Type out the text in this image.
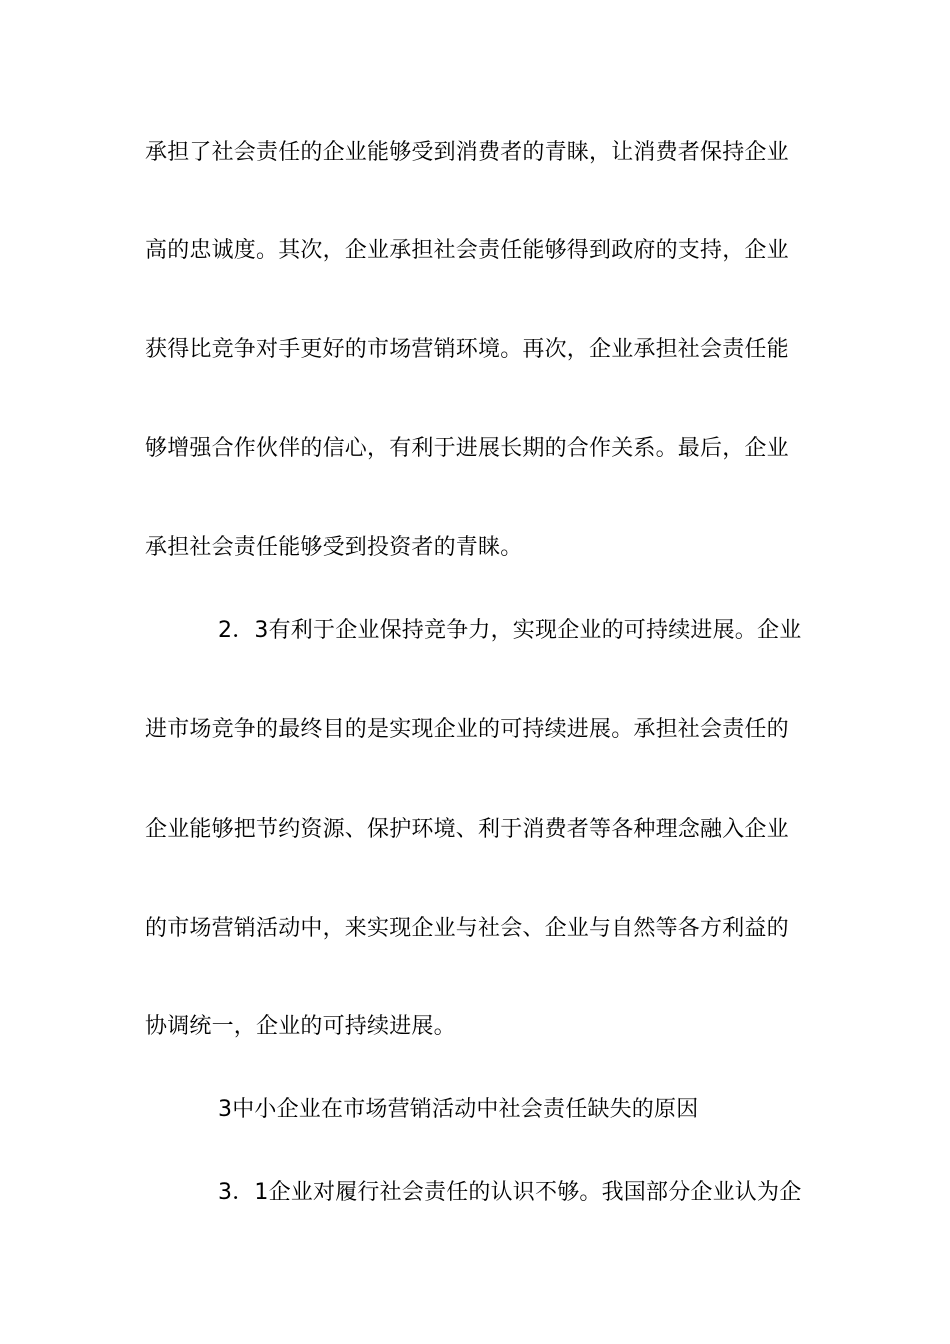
承担了社会责任的企业能够受到消费者的青睐，让消费者保持企业
高的忠诚度。其次，企业承担社会责任能够得到政府的支持，企业
获得比竞争对手更好的市场营销环境。再次，企业承担社会责任能
够增强合作伙伴的信心，有利于进展长期的合作关系。最后，企业
承担社会责任能够受到投资者的青睐。
2．3有利于企业保持竞争力，实现企业的可持续进展。企业
进市场竞争的最终目的是实现企业的可持续进展。承担社会责任的
企业能够把节约资源、保护环境、利于消费者等各种理念融入企业
的市场营销活动中，来实现企业与社会、企业与自然等各方利益的
协调统一，企业的可持续进展。
3中小企业在市场营销活动中社会责任缺失的原因
3．1企业对履行社会责任的认识不够。我国部分企业认为企
